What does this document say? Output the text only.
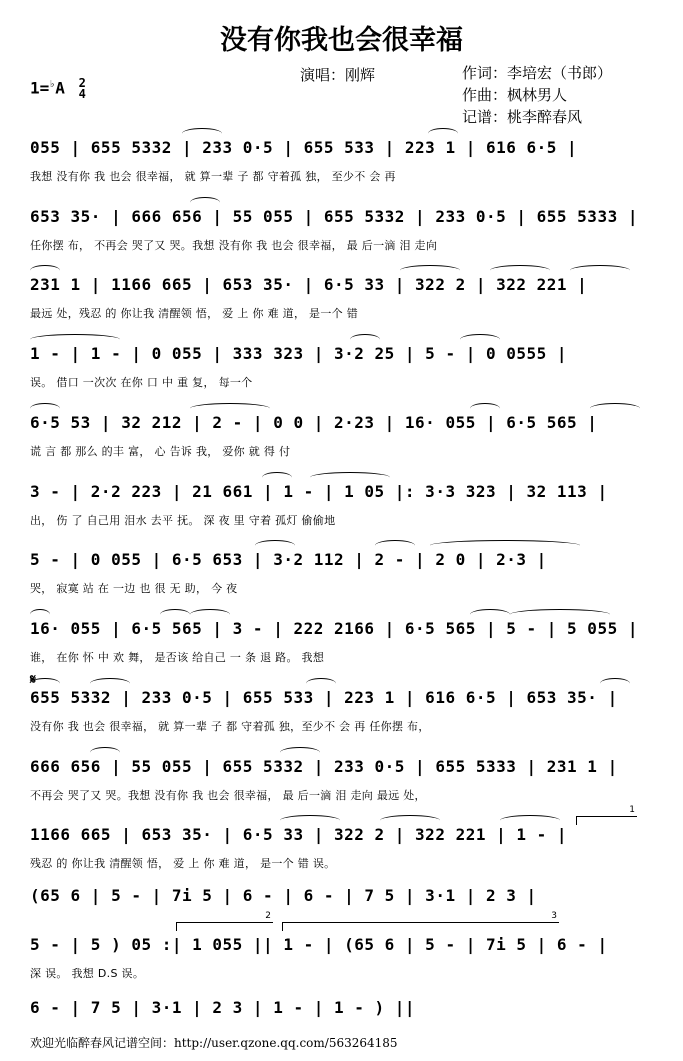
没有你我也会很幸福
演唱：刚辉	作词：李培宏（书郎）
作曲：枫林男人
记谱：桃李醉春风
1=♭A 2
4
055 | 655 5332 | 233 0·5 | 655 533 | 223 1 | 616 6·5 |
我想 没有你 我 也会 很幸福， 就 算一辈 子 都 守着孤 独， 至少不 会 再
653 35· | 666 656 | 55 055 | 655 5332 | 233 0·5 | 655 5333 |
任你摆 布， 不再会 哭了又 哭。我想 没有你 我 也会 很幸福， 最 后一滴 泪 走向
231 1 | 1166 665 | 653 35· | 6·5 33 | 322 2 | 322 221 |
最远 处，残忍 的 你让我 清醒领 悟， 爱 上 你 难 道， 是一个 错
1 - | 1 - | 0 055 | 333 323 | 3·2 25 | 5 - | 0 0555 |
误。 借口 一次次 在你 口 中 重 复， 每一个
6·5 53 | 32 212 | 2 - | 0 0 | 2·23 | 16· 055 | 6·5 565 |
谎 言 都 那么 的丰 富， 心 告诉 我， 爱你 就 得 付
3 - | 2·2 223 | 21 661 | 1 - | 1 05 |: 3·3 323 | 32 113 |
出， 伤 了 自己用 泪水 去平 抚。 深 夜 里 守着 孤灯 偷偷地
5 - | 0 055 | 6·5 653 | 3·2 112 | 2 - | 2 0 | 2·3 |
哭， 寂寞 站 在 一边 也 很 无 助， 今 夜
16· 055 | 6·5 565 | 3 - | 222 2166 | 6·5 565 | 5 - | 5 055 |
谁， 在你 怀 中 欢 舞， 是否该 给自己 一 条 退 路。 我想
𝄋
655 5332 | 233 0·5 | 655 533 | 223 1 | 616 6·5 | 653 35· |
没有你 我 也会 很幸福， 就 算一辈 子 都 守着孤 独，至少不 会 再 任你摆 布，
666 656 | 55 055 | 655 5332 | 233 0·5 | 655 5333 | 231 1 |
不再会 哭了又 哭。我想 没有你 我 也会 很幸福， 最 后一滴 泪 走向 最远 处，
1
1166 665 | 653 35· | 6·5 33 | 322 2 | 322 221 | 1 - |
残忍 的 你让我 清醒领 悟， 爱 上 你 难 道， 是一个 错 误。
(65 6 | 5 - | 7i 5 | 6 - | 6 - | 7 5 | 3·1 | 2 3 |
2	3
5 - | 5 ) 05 :| 1 055 || 1 - | (65 6 | 5 - | 7i 5 | 6 - |
深 误。 我想 D.S 误。
6 - | 7 5 | 3·1 | 2 3 | 1 - | 1 - ) ||
欢迎光临醉春风记谱空间：http://user.qzone.qq.com/563264185
